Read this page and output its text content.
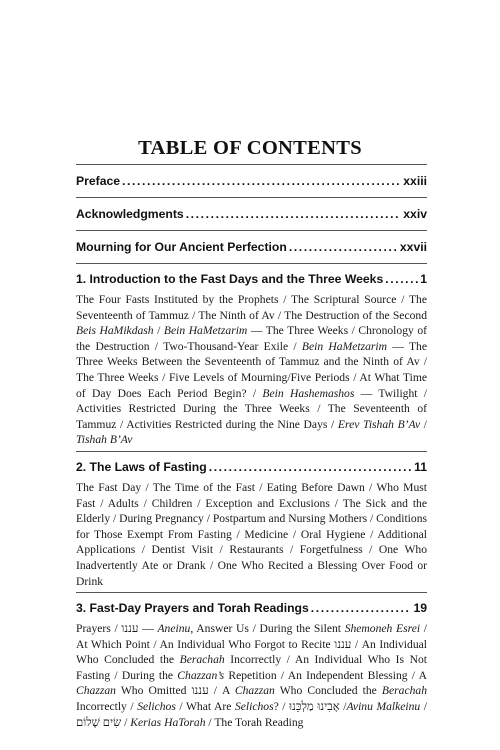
TABLE OF CONTENTS
Preface .....	xxiii
Acknowledgments .....	xxiv
Mourning for Our Ancient Perfection .....	xxvii
1. Introduction to the Fast Days and the Three Weeks .....	1
The Four Fasts Instituted by the Prophets / The Scriptural Source / The Seventeenth of Tammuz / The Ninth of Av / The Destruction of the Second Beis HaMikdash / Bein HaMetzarim — The Three Weeks / Chronology of the Destruction / Two-Thousand-Year Exile / Bein HaMetzarim — The Three Weeks Between the Seventeenth of Tammuz and the Ninth of Av / The Three Weeks / Five Levels of Mourning/Five Periods / At What Time of Day Does Each Period Begin? / Bein Hashemashos — Twilight / Activities Restricted During the Three Weeks / The Seventeenth of Tammuz / Activities Restricted during the Nine Days / Erev Tishah B’Av / Tishah B’Av
2. The Laws of Fasting .....	11
The Fast Day / The Time of the Fast / Eating Before Dawn / Who Must Fast / Adults / Children / Exception and Exclusions / The Sick and the Elderly / During Pregnancy / Postpartum and Nursing Mothers / Conditions for Those Exempt From Fasting / Medicine / Oral Hygiene / Additional Applications / Dentist Visit / Restaurants / Forgetfulness / One Who Inadvertently Ate or Drank / One Who Recited a Blessing Over Food or Drink
3. Fast-Day Prayers and Torah Readings .....	19
Prayers / עננו — Aneinu, Answer Us / During the Silent Shemoneh Esrei / At Which Point / An Individual Who Forgot to Recite עננו / An Individual Who Concluded the Berachah Incorrectly / An Individual Who Is Not Fasting / During the Chazzan’s Repetition / An Independent Blessing / A Chazzan Who Omitted עננו / A Chazzan Who Concluded the Berachah Incorrectly / Selichos / What Are Selichos? / אָבִינוּ מַלְכֵּנוּ /Avinu Malkeinu / שִׂים שָׁלוֹם / Kerias HaTorah / The Torah Reading
